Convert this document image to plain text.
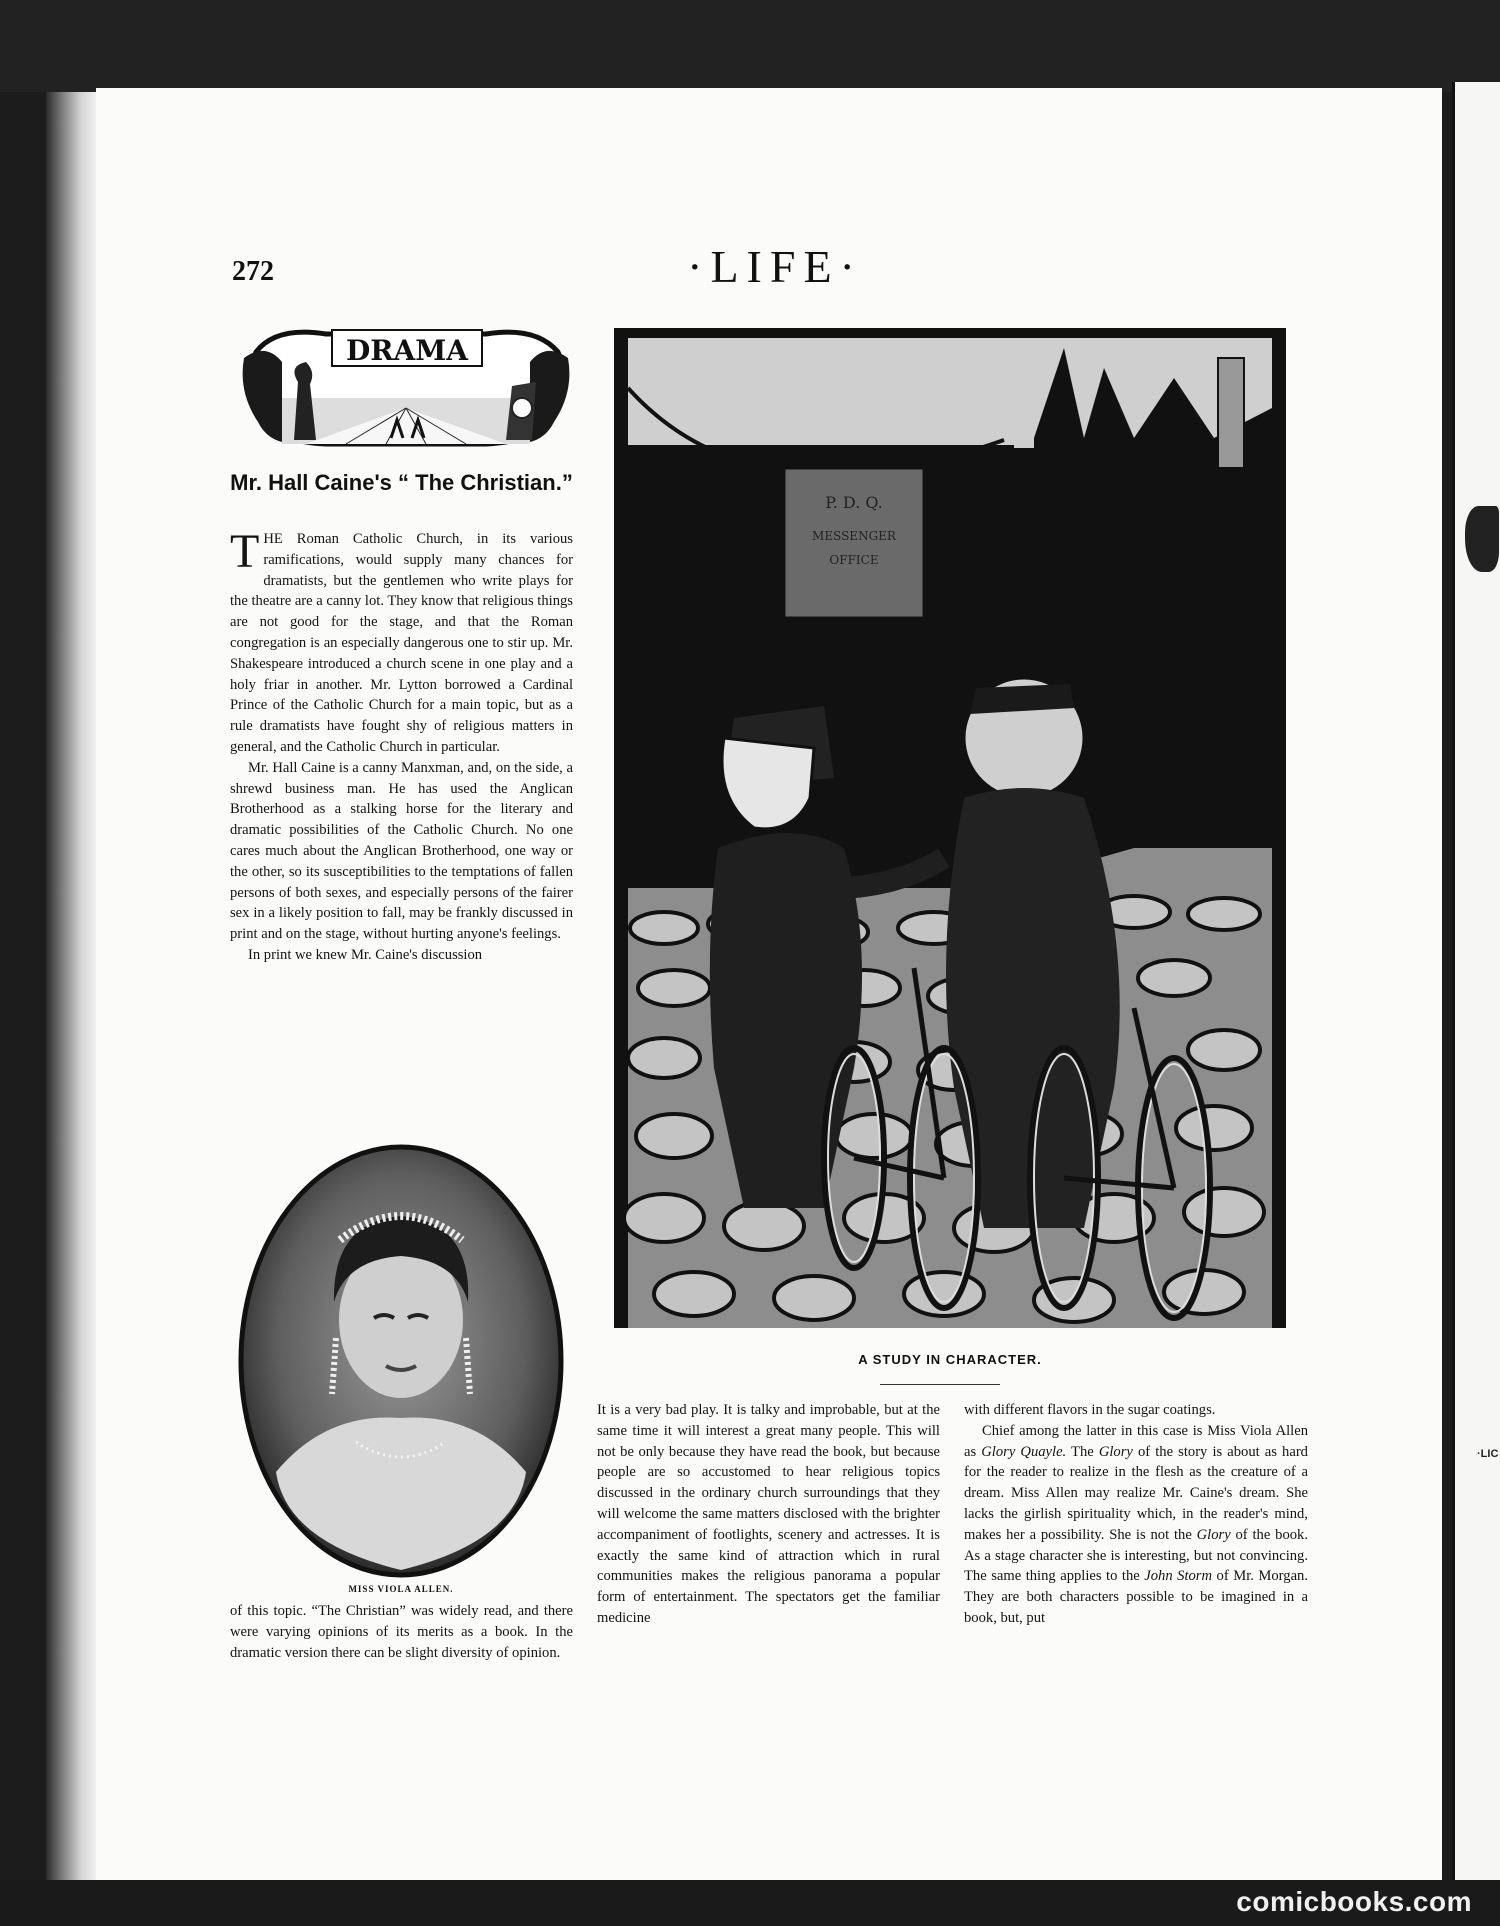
·LIC
comicbooks.com
272	·LIFE·
DRAMA
Mr. Hall Caine's “ The Christian.”

THE Roman Catholic Church, in its various ramifications, would supply many chances for dramatists, but the gentlemen who write plays for the theatre are a canny lot. They know that religious things are not good for the stage, and that the Roman congregation is an especially dangerous one to stir up. Mr. Shakespeare introduced a church scene in one play and a holy friar in another. Mr. Lytton borrowed a Cardinal Prince of the Catholic Church for a main topic, but as a rule dramatists have fought shy of religious matters in general, and the Catholic Church in particular.

Mr. Hall Caine is a canny Manxman, and, on the side, a shrewd business man. He has used the Anglican Brotherhood as a stalking horse for the literary and dramatic possibilities of the Catholic Church. No one cares much about the Anglican Brotherhood, one way or the other, so its susceptibilities to the temptations of fallen persons of both sexes, and especially persons of the fairer sex in a likely position to fall, may be frankly discussed in print and on the stage, without hurting anyone's feelings.

In print we knew Mr. Caine's discussion

MISS VIOLA ALLEN.

of this topic. “The Christian” was widely read, and there were varying opinions of its merits as a book. In the dramatic version there can be slight diversity of opinion.

P. D. Q.
MESSENGER
OFFICE
A STUDY IN CHARACTER.

It is a very bad play. It is talky and improbable, but at the same time it will interest a great many people. This will not be only because they have read the book, but because people are so accustomed to hear religious topics discussed in the ordinary church surroundings that they will welcome the same matters disclosed with the brighter accompaniment of footlights, scenery and actresses. It is exactly the same kind of attraction which in rural communities makes the religious panorama a popular form of entertainment. The spectators get the familiar medicine

with different flavors in the sugar coatings.

Chief among the latter in this case is Miss Viola Allen as Glory Quayle. The Glory of the story is about as hard for the reader to realize in the flesh as the creature of a dream. Miss Allen may realize Mr. Caine's dream. She lacks the girlish spirituality which, in the reader's mind, makes her a possibility. She is not the Glory of the book. As a stage character she is interesting, but not convincing. The same thing applies to the John Storm of Mr. Morgan. They are both characters possible to be imagined in a book, but, put
